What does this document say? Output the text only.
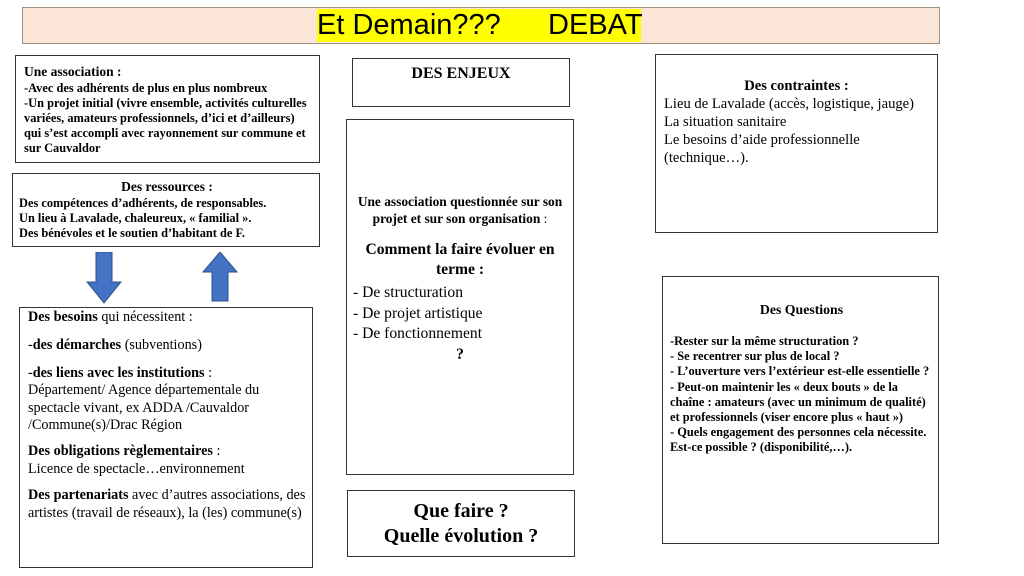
Et Demain??? DEBAT

Une association :

-Avec des adhérents de plus en plus nombreux

-Un projet initial (vivre ensemble, activités culturelles variées, amateurs professionnels, d’ici et d’ailleurs) qui s’est accompli avec rayonnement sur commune et sur Cauvaldor

Des ressources :

Des compétences d’adhérents, de responsables.

Un lieu à Lavalade, chaleureux, « familial ».

Des bénévoles et le soutien d’habitant de F.

Des besoins qui nécessitent :

-des démarches (subventions)

-des liens avec les institutions :

Département/ Agence départementale du spectacle vivant, ex ADDA /Cauvaldor /Commune(s)/Drac Région

Des obligations règlementaires :

Licence de spectacle…environnement

Des partenariats avec d’autres associations, des artistes (travail de réseaux), la (les) commune(s)

DES ENJEUX

Une association questionnée sur son projet et sur son organisation :

Comment la faire évoluer en terme :

- De structuration

- De projet artistique

- De fonctionnement

?

Que faire ?

Quelle évolution ?

Des contraintes :

Lieu de Lavalade (accès, logistique, jauge)

La situation sanitaire

Le besoins d’aide professionnelle (technique…).

Des Questions

-Rester sur la même structuration ?

- Se recentrer sur plus de local ?

- L’ouverture vers l’extérieur est-elle essentielle ?

- Peut-on maintenir les « deux bouts » de la chaîne : amateurs (avec un minimum de qualité) et professionnels (viser encore plus « haut »)

- Quels engagement des personnes cela nécessite. Est-ce possible ? (disponibilité,…).
